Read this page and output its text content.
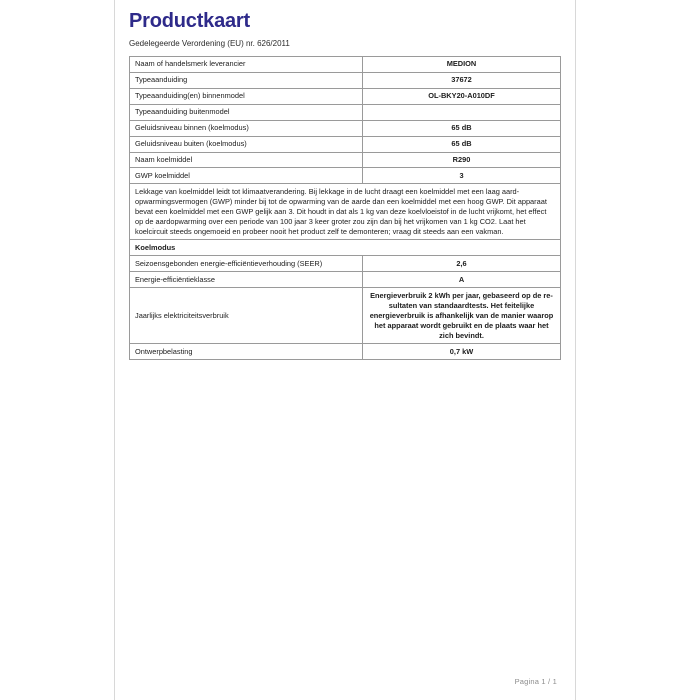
Productkaart
Gedelegeerde Verordening (EU) nr. 626/2011
Naam of handelsmerk leverancier	MEDION
Typeaanduiding	37672
Typeaanduiding(en) binnenmodel	OL-BKY20-A010DF
Typeaanduiding buitenmodel	
Geluidsniveau binnen (koelmodus)	65 dB
Geluidsniveau buiten (koelmodus)	65 dB
Naam koelmiddel	R290
GWP koelmiddel	3
Lekkage van koelmiddel leidt tot klimaatverandering. Bij lekkage in de lucht draagt een koelmiddel met een laag aardopwarmingsvermogen (GWP) minder bij tot de opwarming van de aarde dan een koelmiddel met een hoog GWP. Dit apparaat bevat een koelmiddel met een GWP gelijk aan 3. Dit houdt in dat als 1 kg van deze koelvloeistof in de lucht vrijkomt, het effect op de aardopwarming over een periode van 100 jaar 3 keer groter zou zijn dan bij het vrijkomen van 1 kg CO2. Laat het koelcircuit steeds ongemoeid en probeer nooit het product zelf te demonteren; vraag dit steeds aan een vakman.	
Koelmodus	
Seizoensgebonden energie-efficiëntieverhouding (SEER)	2,6
Energie-efficiëntieklasse	A
Jaarlijks elektriciteitsverbruik	Energieverbruik 2 kWh per jaar, gebaseerd op de resultaten van standaardtests. Het feitelijke energieverbruik is afhankelijk van de manier waarop het apparaat wordt gebruikt en de plaats waar het zich bevindt.
Ontwerpbelasting	0,7 kW
Pagina 1 / 1
